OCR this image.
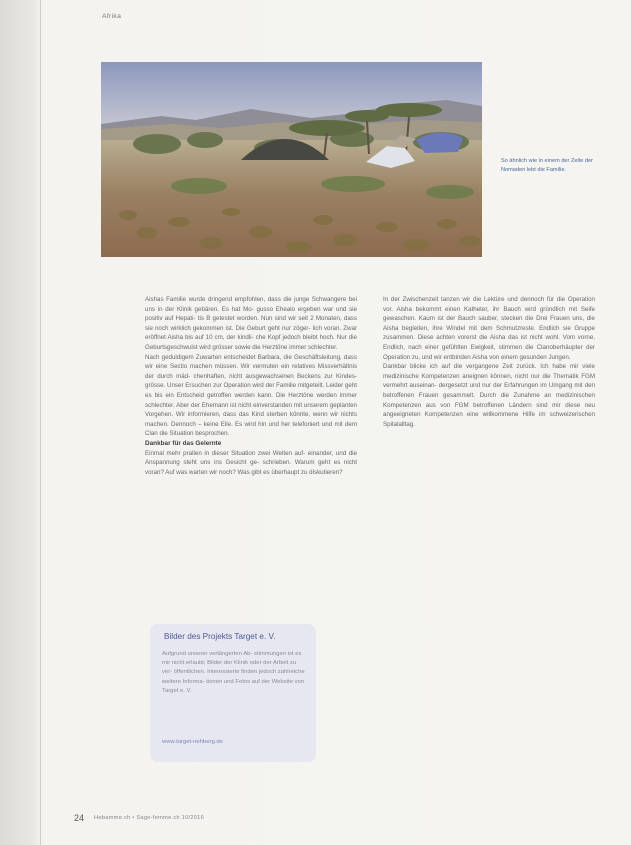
Afrika
So ähnlich wie in einem der Zelte der Nomaden lebt die Familie.

Aishas Familie wurde dringend empfohlen, dass die junge Schwangere bei uns in der Klinik gebären. Es hat Mo- gusso Ehealo ergeben war und sie positiv auf Hepati- tis B getestet worden. Nun sind wir seit 2 Monaten, dass sie noch wirklich gekommen ist. Die Geburt geht nur zöger- lich voran. Zwar eröffnet Aisha bis auf 10 cm, der kindli- che Kopf jedoch bleibt hoch. Nur die Geburtsgeschwulst wird grösser sowie die Herztöne immer schlechter.

Nach geduldigem Zuwarten entscheidet Barbara, die Geschäftsleitung, dass wir eine Sectio machen müssen. Wir vermuten ein relatives Missverhältnis der durch mäd- chenhaften, nicht ausgewachsenen Beckens zur Kindes- grösse. Unser Ersuchen zur Operation wird der Familie mitgeteilt. Leider geht es bis ein Entscheid getroffen werden kann. Die Herztöne werden immer schlechter. Aber der Ehemann ist nicht einverstanden mit unserem geplanten Vorgehen. Wir informieren, dass das Kind sterben könnte, wenn wir nichts machen. Dennoch – keine Eile. Es wird hin und her telefoniert und mit dem Clan die Situation besprochen.

Dankbar für das Gelernte

Einmal mehr prallen in dieser Situation zwei Welten auf- einander, und die Anspannung steht uns ins Gesicht ge- schrieben. Warum geht es nicht voran? Auf was warten wir noch? Was gibt es überhaupt zu diskutieren?

In der Zwischenzeit tanzen wir die Lektüre und dennoch für die Operation vor. Aisha bekommt einen Katheter, ihr Bauch wird gründlich mit Seife gewaschen. Kaum ist der Bauch sauber, stecken die Drei Frauen uns, die Aisha begleiten, ihre Windel mit dem Schmutzreste. Endlich sie Gruppe zusammen. Diese achten vorerst die Aisha das ist nicht wohl. Vom vorne. Endlich, nach einer gefühlten Ewigkeit, stimmen die Clanoberhäupter der Operation zu, und wir entbinden Aisha von einem gesunden Jungen.

Dankbar blicke ich auf die vergangene Zeit zurück. Ich habe mir viele medizinische Kompetenzen aneignen können, nicht nur die Thematik FGM vermehrt auseinan- dergesetzt und nur der Erfahrungen im Umgang mit den betroffenen Frauen gesammelt. Durch die Zunahme an medizinischen Kompetenzen aus von FGM betroffenen Ländern sind mir diese neu angeeigneten Kompetenzen eine willkommene Hilfe im schweizerischen Spitalalltag.

Bilder des Projekts Target e. V.
Aufgrund unserer verlängerten Ab- stimmungen ist es mir nicht erlaubt, Bilder der Klinik oder der Arbeit zu ver- öffentlichen. Interessierte finden jedoch zahlreiche weitere Informa- tionen und Fotos auf der Website von Target e. V.
www.target-nehberg.de
24 Hebamme.ch • Sage-femme.ch 10/2016
